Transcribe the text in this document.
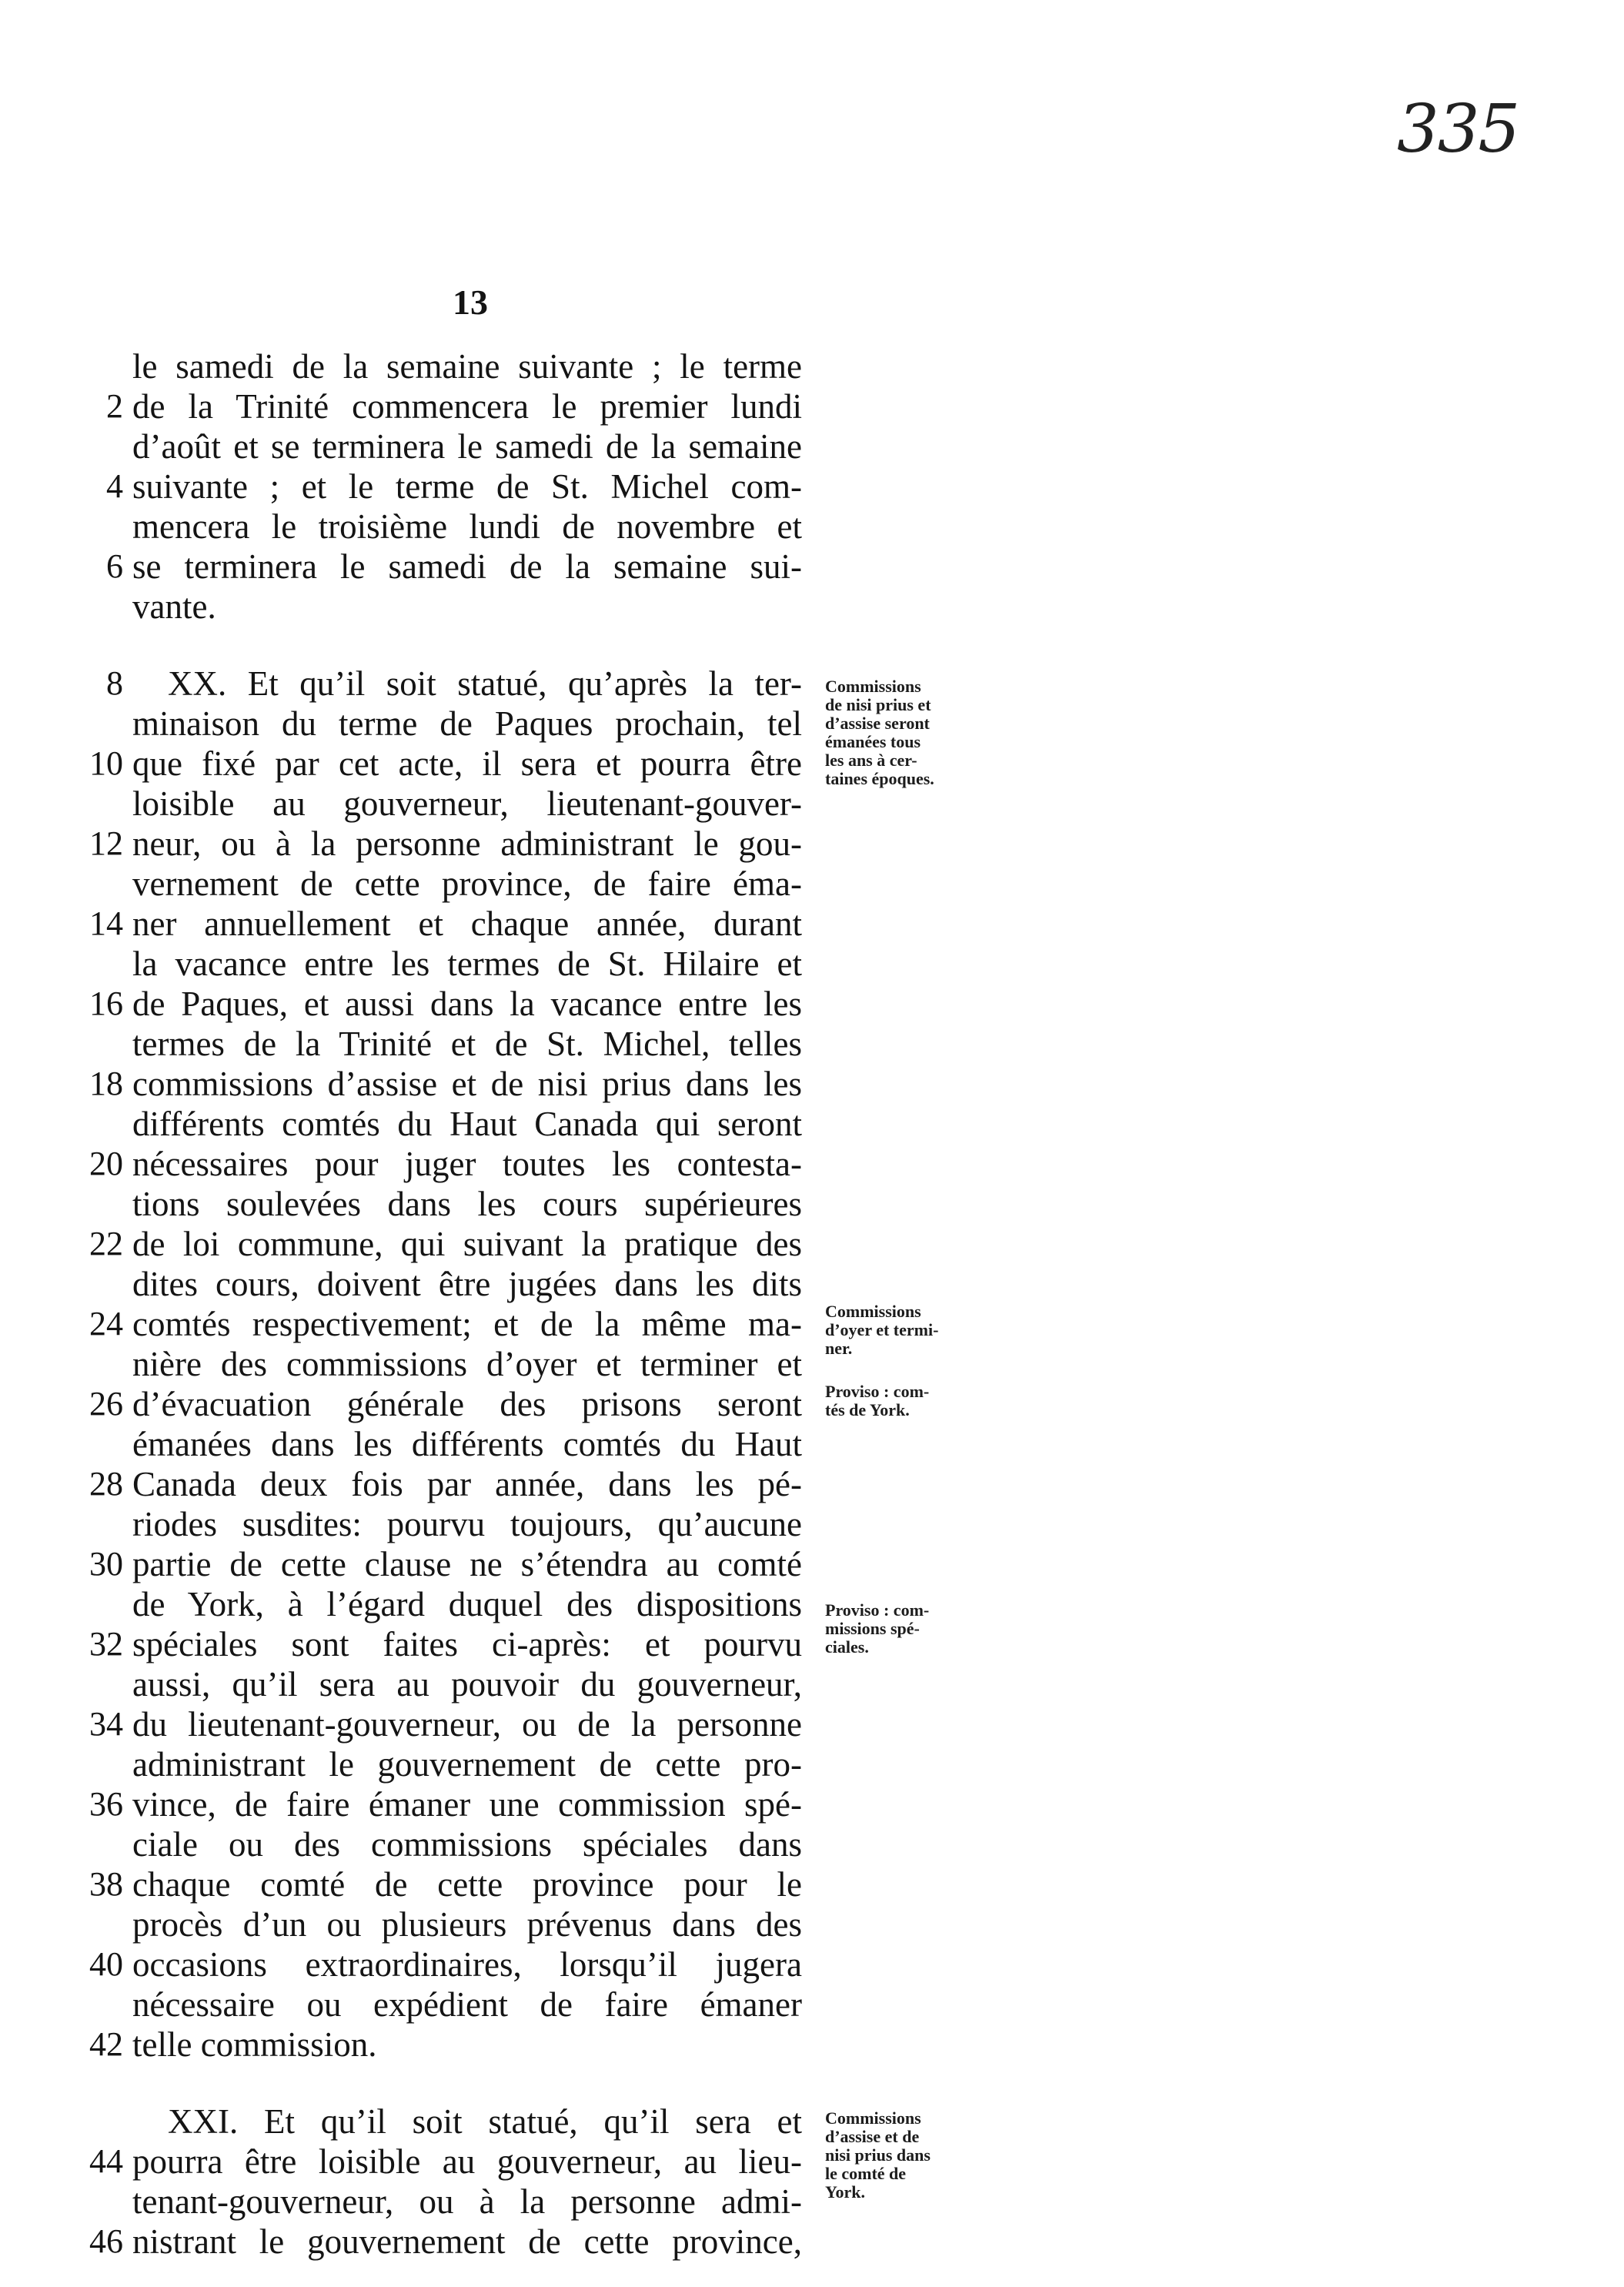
335
13
le samedi de la semaine suivante ; le terme
de la Trinité commencera le premier lundi
d’août et se terminera le samedi de la semaine
suivante ; et le terme de St. Michel com-
mencera le troisième lundi de novembre et
se terminera le samedi de la semaine sui-
vante.
XX. Et qu’il soit statué, qu’après la ter-
minaison du terme de Paques prochain, tel
que fixé par cet acte, il sera et pourra être
loisible au gouverneur, lieutenant-gouver-
neur, ou à la personne administrant le gou-
vernement de cette province, de faire éma-
ner annuellement et chaque année, durant
la vacance entre les termes de St. Hilaire et
de Paques, et aussi dans la vacance entre les
termes de la Trinité et de St. Michel, telles
commissions d’assise et de nisi prius dans les
différents comtés du Haut Canada qui seront
nécessaires pour juger toutes les contesta-
tions soulevées dans les cours supérieures
de loi commune, qui suivant la pratique des
dites cours, doivent être jugées dans les dits
comtés respectivement; et de la même ma-
nière des commissions d’oyer et terminer et
d’évacuation générale des prisons seront
émanées dans les différents comtés du Haut
Canada deux fois par année, dans les pé-
riodes susdites: pourvu toujours, qu’aucune
partie de cette clause ne s’étendra au comté
de York, à l’égard duquel des dispositions
spéciales sont faites ci-après: et pourvu
aussi, qu’il sera au pouvoir du gouverneur,
du lieutenant-gouverneur, ou de la personne
administrant le gouvernement de cette pro-
vince, de faire émaner une commission spé-
ciale ou des commissions spéciales dans
chaque comté de cette province pour le
procès d’un ou plusieurs prévenus dans des
occasions extraordinaires, lorsqu’il jugera
nécessaire ou expédient de faire émaner
telle commission.
XXI. Et qu’il soit statué, qu’il sera et
pourra être loisible au gouverneur, au lieu-
tenant-gouverneur, ou à la personne admi-
nistrant le gouvernement de cette province,
2
4
6
8
10
12
14
16
18
20
22
24
26
28
30
32
34
36
38
40
42
44
46
Commissions
de nisi prius et
d’assise seront
émanées tous
les ans à cer-
taines époques.
Commissions
d’oyer et termi-
ner.
Proviso : com-
tés de York.
Proviso : com-
missions spé-
ciales.
Commissions
d’assise et de
nisi prius dans
le comté de
York.
